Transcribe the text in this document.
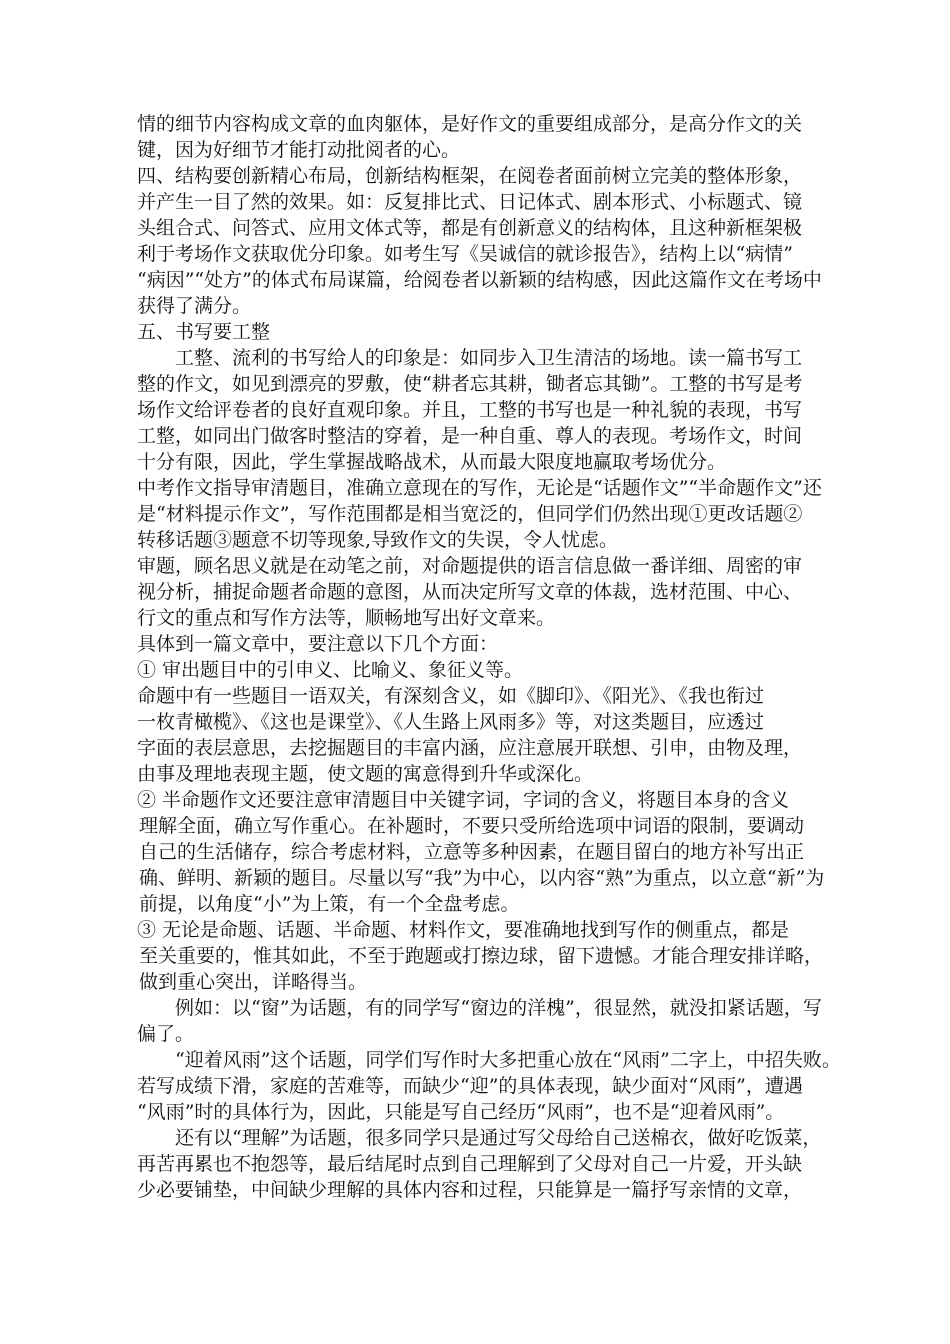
情的细节内容构成文章的血肉躯体，是好作文的重要组成部分，是高分作文的关
键，因为好细节才能打动批阅者的心。
四、结构要创新精心布局，创新结构框架，在阅卷者面前树立完美的整体形象，
并产生一目了然的效果。如：反复排比式、日记体式、剧本形式、小标题式、镜
头组合式、问答式、应用文体式等，都是有创新意义的结构体，且这种新框架极
利于考场作文获取优分印象。如考生写《吴诚信的就诊报告》，结构上以“病情”
“病因”“处方”的体式布局谋篇，给阅卷者以新颖的结构感，因此这篇作文在考场中
获得了满分。
五、书写要工整
工整、流利的书写给人的印象是：如同步入卫生清洁的场地。读一篇书写工
整的作文，如见到漂亮的罗敷，使“耕者忘其耕，锄者忘其锄”。工整的书写是考
场作文给评卷者的良好直观印象。并且，工整的书写也是一种礼貌的表现，书写
工整，如同出门做客时整洁的穿着，是一种自重、尊人的表现。考场作文，时间
十分有限，因此，学生掌握战略战术，从而最大限度地赢取考场优分。
中考作文指导审清题目，准确立意现在的写作，无论是“话题作文”“半命题作文”还
是“材料提示作文”，写作范围都是相当宽泛的，但同学们仍然出现①更改话题②
转移话题③题意不切等现象,导致作文的失误，令人忧虑。
审题，顾名思义就是在动笔之前，对命题提供的语言信息做一番详细、周密的审
视分析，捕捉命题者命题的意图，从而决定所写文章的体裁，选材范围、中心、
行文的重点和写作方法等，顺畅地写出好文章来。
具体到一篇文章中，要注意以下几个方面：
① 审出题目中的引申义、比喻义、象征义等。
命题中有一些题目一语双关，有深刻含义，如《脚印》、《阳光》、《我也衔过
一枚青橄榄》、《这也是课堂》、《人生路上风雨多》等，对这类题目，应透过
字面的表层意思，去挖掘题目的丰富内涵，应注意展开联想、引申，由物及理，
由事及理地表现主题，使文题的寓意得到升华或深化。
② 半命题作文还要注意审清题目中关键字词，字词的含义，将题目本身的含义
理解全面，确立写作重心。在补题时，不要只受所给选项中词语的限制，要调动
自己的生活储存，综合考虑材料，立意等多种因素，在题目留白的地方补写出正
确、鲜明、新颖的题目。尽量以写“我”为中心，以内容“熟”为重点，以立意“新”为
前提，以角度“小”为上策，有一个全盘考虑。
③ 无论是命题、话题、半命题、材料作文，要准确地找到写作的侧重点，都是
至关重要的，惟其如此，不至于跑题或打擦边球，留下遗憾。才能合理安排详略，
做到重心突出，详略得当。
例如：以“窗”为话题，有的同学写“窗边的洋槐”，很显然，就没扣紧话题，写
偏了。
“迎着风雨”这个话题，同学们写作时大多把重心放在“风雨”二字上，中招失败。
若写成绩下滑，家庭的苦难等，而缺少“迎”的具体表现，缺少面对“风雨”，遭遇
“风雨”时的具体行为，因此，只能是写自己经历“风雨”，也不是“迎着风雨”。
还有以“理解”为话题，很多同学只是通过写父母给自己送棉衣，做好吃饭菜，
再苦再累也不抱怨等，最后结尾时点到自己理解到了父母对自己一片爱，开头缺
少必要铺垫，中间缺少理解的具体内容和过程，只能算是一篇抒写亲情的文章，
